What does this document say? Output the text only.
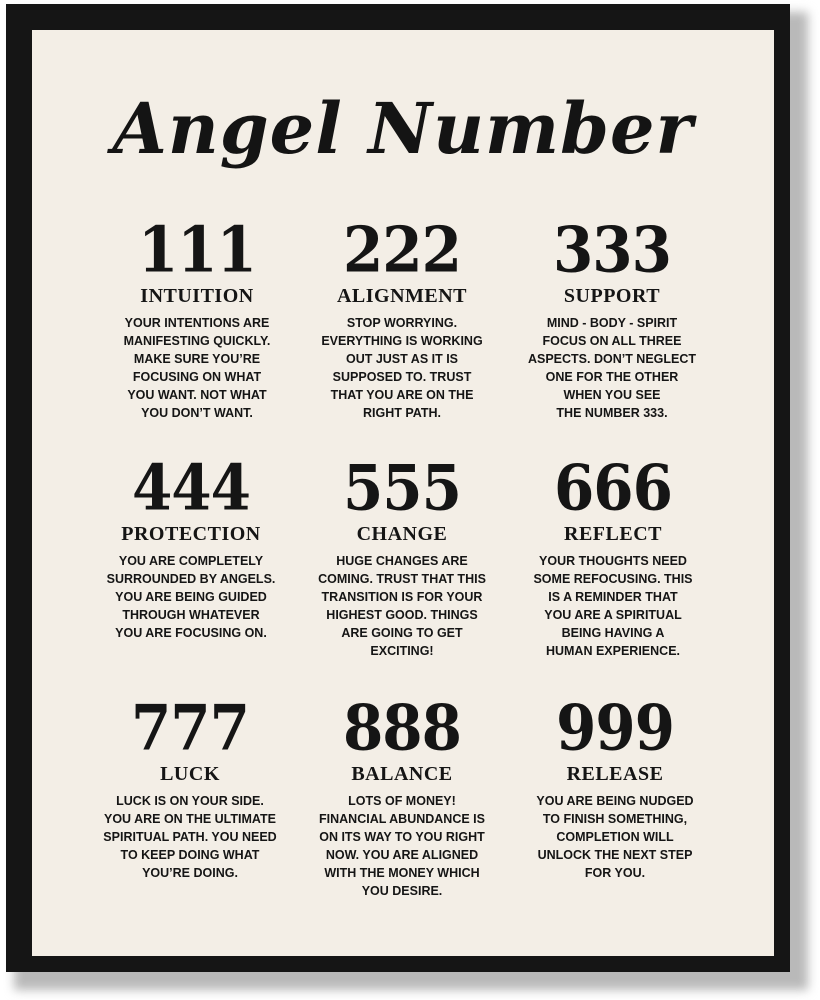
Angel Number
111
INTUITION
YOUR INTENTIONS ARE
MANIFESTING QUICKLY.
MAKE SURE YOU’RE
FOCUSING ON WHAT
YOU WANT. NOT WHAT
YOU DON’T WANT.
222
ALIGNMENT
STOP WORRYING.
EVERYTHING IS WORKING
OUT JUST AS IT IS
SUPPOSED TO. TRUST
THAT YOU ARE ON THE
RIGHT PATH.
333
SUPPORT
MIND - BODY - SPIRIT
FOCUS ON ALL THREE
ASPECTS. DON’T NEGLECT
ONE FOR THE OTHER
WHEN YOU SEE
THE NUMBER 333.
444
PROTECTION
YOU ARE COMPLETELY
SURROUNDED BY ANGELS.
YOU ARE BEING GUIDED
THROUGH WHATEVER
YOU ARE FOCUSING ON.
555
CHANGE
HUGE CHANGES ARE
COMING. TRUST THAT THIS
TRANSITION IS FOR YOUR
HIGHEST GOOD. THINGS
ARE GOING TO GET
EXCITING!
666
REFLECT
YOUR THOUGHTS NEED
SOME REFOCUSING. THIS
IS A REMINDER THAT
YOU ARE A SPIRITUAL
BEING HAVING A
HUMAN EXPERIENCE.
777
LUCK
LUCK IS ON YOUR SIDE.
YOU ARE ON THE ULTIMATE
SPIRITUAL PATH. YOU NEED
TO KEEP DOING WHAT
YOU’RE DOING.
888
BALANCE
LOTS OF MONEY!
FINANCIAL ABUNDANCE IS
ON ITS WAY TO YOU RIGHT
NOW. YOU ARE ALIGNED
WITH THE MONEY WHICH
YOU DESIRE.
999
RELEASE
YOU ARE BEING NUDGED
TO FINISH SOMETHING,
COMPLETION WILL
UNLOCK THE NEXT STEP
FOR YOU.
